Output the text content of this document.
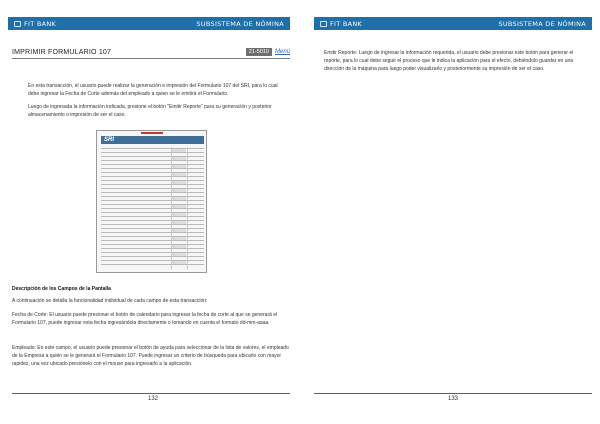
FIT BANK	SUBSISTEMA DE NÓMINA
IMPRIMIR FORMULARIO 107	21-5010	Menú

En esta transacción, el usuario puede realizar la generación e impresión del Formulario 107 del SRI, para lo cual debe ingresar la Fecha de Corte además del empleado a quien se le emitirá el Formulario.

Luego de ingresada la información indicada, presione el botón "Emitir Reporte" para su generación y posterior almacenamiento o impresión de ser el caso.

SRI

Descripción de los Campos de la Pantalla

A continuación se detalla la funcionalidad individual de cada campo de esta transacción:

Fecha de Corte: El usuario puede presionar el botón de calendario para ingresar la fecha de corte al que se generará el Formulario 107, puede ingresar esta fecha ingresándola directamente o tomando en cuenta el formato dd-mm-aaaa.

Empleado: En este campo, el usuario puede presionar el botón de ayuda para seleccionar de la lista de valores, el empleado de la Empresa a quién se le generará el Formulario 107. Puede ingresar un criterio de búsqueda para ubicarlo con mayor rapidez, una vez ubicado presiónelo con el mouse para ingresarlo a la aplicación.

132
FIT BANK	SUBSISTEMA DE NÓMINA

Emitir Reporte: Luego de ingresar la información requerida, el usuario debe presionar este botón para generar el reporte, para lo cual debe seguir el proceso que le indica la aplicación para el efecto, debiéndolo guardar en una dirección de la máquina para luego poder visualizarlo y posteriormente su impresión de ser el caso.

133
